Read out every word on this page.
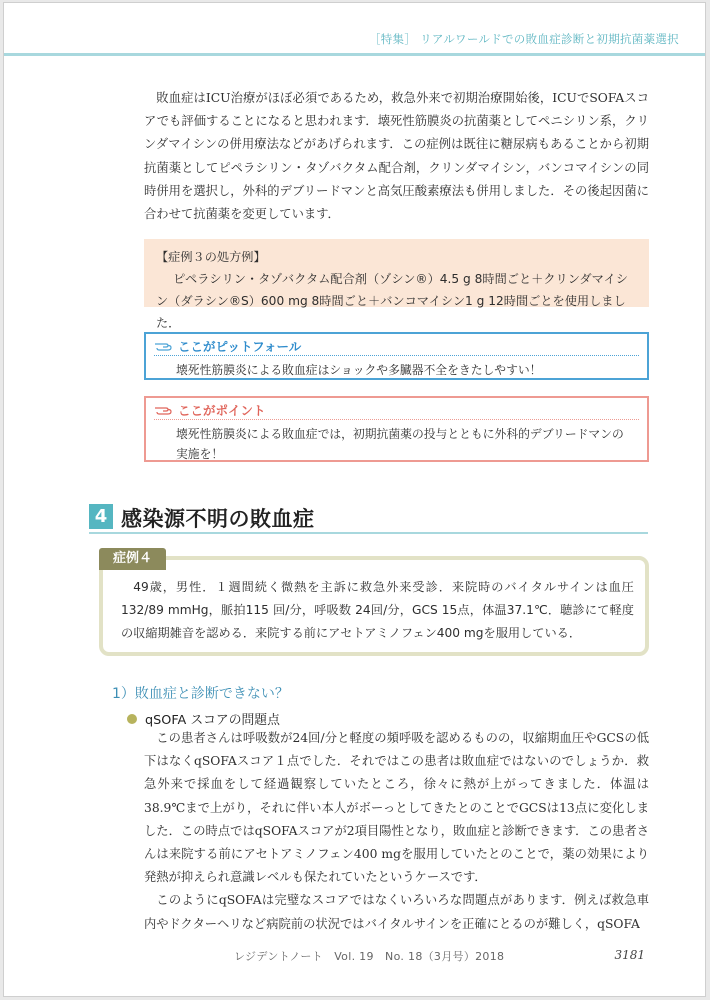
［特集］ リアルワールドでの敗血症診断と初期抗菌薬選択

敗血症はICU治療がほぼ必須であるため，救急外来で初期治療開始後，ICUでSOFAスコアでも評価することになると思われます．壊死性筋膜炎の抗菌薬としてペニシリン系，クリンダマイシンの併用療法などがあげられます．この症例は既往に糖尿病もあることから初期抗菌薬としてピペラシリン・タゾバクタム配合剤，クリンダマイシン，バンコマイシンの同時併用を選択し，外科的デブリードマンと高気圧酸素療法も併用しました．その後起因菌に合わせて抗菌薬を変更しています．

【症例３の処方例】

ピペラシリン・タゾバクタム配合剤（ゾシン®）4.5 g 8時間ごと＋クリンダマイシン（ダラシン®S）600 mg 8時間ごと＋バンコマイシン1 g 12時間ごとを使用しました．

ここがピットフォール
壊死性筋膜炎による敗血症はショックや多臓器不全をきたしやすい！
ここがポイント
壊死性筋膜炎による敗血症では，初期抗菌薬の投与とともに外科的デブリードマンの実施を！
4 感染源不明の敗血症
症例４

49歳，男性．１週間続く微熱を主訴に救急外来受診．来院時のバイタルサインは血圧 132/89 mmHg，脈拍115 回/分，呼吸数 24回/分，GCS 15点，体温37.1℃．聴診にて軽度の収縮期雑音を認める．来院する前にアセトアミノフェン400 mgを服用している．

1）敗血症と診断できない？
qSOFA スコアの問題点

この患者さんは呼吸数が24回/分と軽度の頻呼吸を認めるものの，収縮期血圧やGCSの低下はなくqSOFAスコア１点でした．それではこの患者は敗血症ではないのでしょうか．救急外来で採血をして経過観察していたところ，徐々に熱が上がってきました．体温は38.9℃まで上がり，それに伴い本人がボーっとしてきたとのことでGCSは13点に変化しました．この時点ではqSOFAスコアが2項目陽性となり，敗血症と診断できます．この患者さんは来院する前にアセトアミノフェン400 mgを服用していたとのことで，薬の効果により発熱が抑えられ意識レベルも保たれていたというケースです．

このようにqSOFAは完璧なスコアではなくいろいろな問題点があります．例えば救急車内やドクターヘリなど病院前の状況ではバイタルサインを正確にとるのが難しく，qSOFA

レジデントノート　Vol. 19　No. 18（3月号）2018	3181
